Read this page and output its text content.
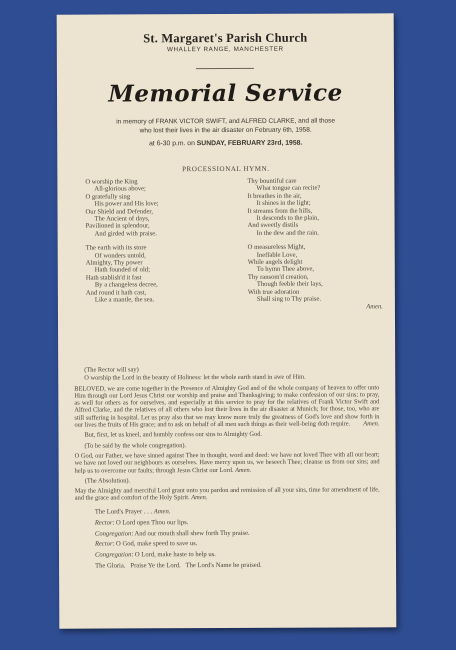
St. Margaret's Parish Church
WHALLEY RANGE, MANCHESTER
Memorial Service
in memory of FRANK VICTOR SWIFT, and ALFRED CLARKE, and all those
who lost their lives in the air disaster on February 6th, 1958.
at 6-30 p.m. on SUNDAY, FEBRUARY 23rd, 1958.
PROCESSIONAL HYMN.
O worship the King
All-glorious above;
O gratefully sing
His power and His love;
Our Shield and Defender,
The Ancient of days,
Pavilioned in splendour,
And girded with praise.
The earth with its store
Of wonders untold,
Almighty, Thy power
Hath founded of old;
Hath stablish'd it fast
By a changeless decree,
And round it hath cast,
Like a mantle, the sea.
Thy bountiful care
What tongue can recite?
It breathes in the air,
It shines in the light;
It streams from the hills,
It descends to the plain,
And sweetly distils
In the dew and the rain.
O measureless Might,
Ineffable Love,
While angels delight
To hymn Thee above,
Thy ransom'd creation,
Though feeble their lays,
With true adoration
Shall sing to Thy praise.
Amen.

(The Rector will say)

O worship the Lord in the beauty of Holiness: let the whole earth stand in awe of Him.

BELOVED, we are come together in the Presence of Almighty God and of the whole company of heaven to offer unto Him through our Lord Jesus Christ our worship and praise and Thanksgiving; to make confession of our sins; to pray, as well for others as for ourselves, and especially at this service to pray for the relatives of Frank Victor Swift and Alfred Clarke, and the relatives of all others who lost their lives in the air disaster at Munich; for those, too, who are still suffering in hospital. Let us pray also that we may know more truly the greatness of God's love and show forth in our lives the fruits of His grace; and to ask on behalf of all men such things as their well-being doth require. Amen.

But, first, let us kneel, and humbly confess our sins to Almighty God.

(To be said by the whole congregation).

O God, our Father, we have sinned against Thee in thought, word and deed: we have not loved Thee with all our heart; we have not loved our neighbours as ourselves. Have mercy upon us, we beseech Thee; cleanse us from our sins; and help us to overcome our faults; through Jesus Christ our Lord. Amen.

(The Absolution).

May the Almighty and merciful Lord grant unto you pardon and remission of all your sins, time for amendment of life, and the grace and comfort of the Holy Spirit. Amen.

The Lord's Prayer . . . Amen.
Rector: O Lord open Thou our lips.
Congregation: And our mouth shall shew forth Thy praise.
Rector: O God, make speed to save us.
Congregation: O Lord, make haste to help us.
The Gloria.   Praise Ye the Lord.   The Lord's Name be praised.
